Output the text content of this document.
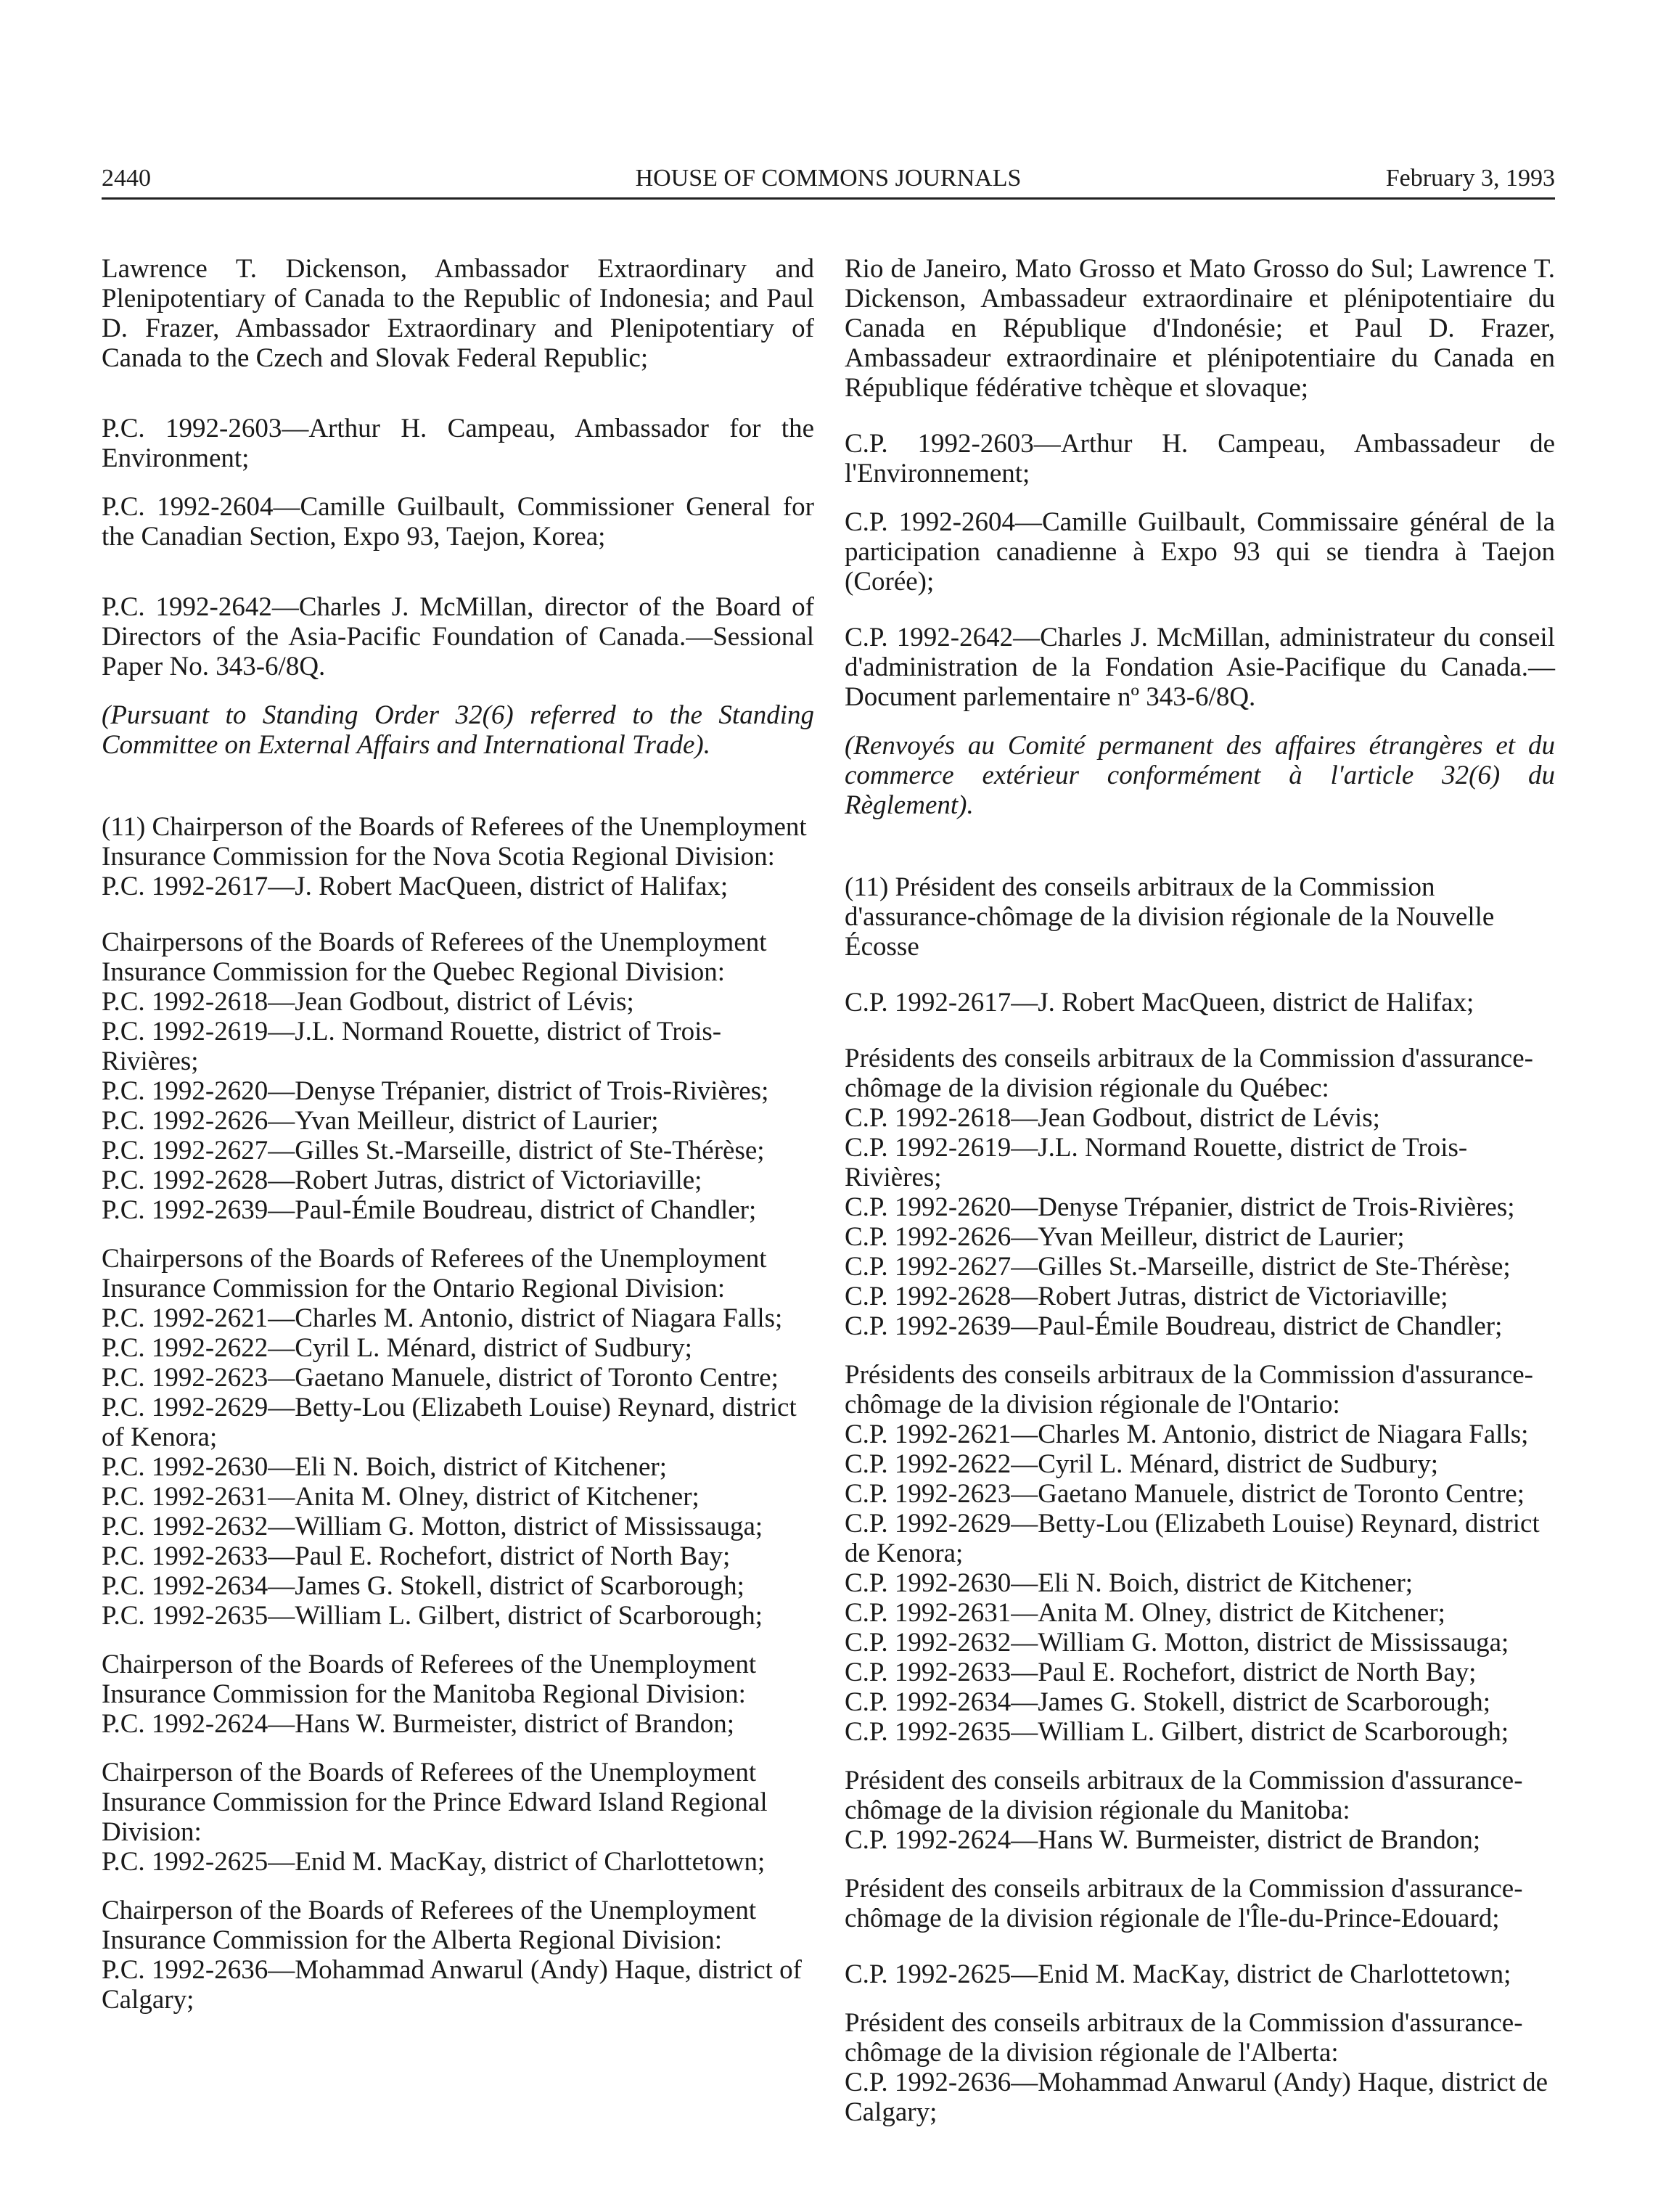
2440	HOUSE OF COMMONS JOURNALS	February 3, 1993

Lawrence T. Dickenson, Ambassador Extraordinary and Plenipotentiary of Canada to the Republic of Indonesia; and Paul D. Frazer, Ambassador Extraordinary and Plenipotentiary of Canada to the Czech and Slovak Federal Republic;

P.C. 1992-2603—Arthur H. Campeau, Ambassador for the Environment;

P.C. 1992-2604—Camille Guilbault, Commissioner General for the Canadian Section, Expo 93, Taejon, Korea;

P.C. 1992-2642—Charles J. McMillan, director of the Board of Directors of the Asia-Pacific Foundation of Canada.—Sessional Paper No. 343-6/8Q.

(Pursuant to Standing Order 32(6) referred to the Standing Committee on External Affairs and International Trade).

(11) Chairperson of the Boards of Referees of the Unemployment Insurance Commission for the Nova Scotia Regional Division:
P.C. 1992-2617—J. Robert MacQueen, district of Halifax;
Chairpersons of the Boards of Referees of the Unemployment Insurance Commission for the Quebec Regional Division:
P.C. 1992-2618—Jean Godbout, district of Lévis;
P.C. 1992-2619—J.L. Normand Rouette, district of Trois-Rivières;
P.C. 1992-2620—Denyse Trépanier, district of Trois-Rivières;
P.C. 1992-2626—Yvan Meilleur, district of Laurier;
P.C. 1992-2627—Gilles St.-Marseille, district of Ste-Thérèse;
P.C. 1992-2628—Robert Jutras, district of Victoriaville;
P.C. 1992-2639—Paul-Émile Boudreau, district of Chandler;
Chairpersons of the Boards of Referees of the Unemployment Insurance Commission for the Ontario Regional Division:
P.C. 1992-2621—Charles M. Antonio, district of Niagara Falls;
P.C. 1992-2622—Cyril L. Ménard, district of Sudbury;
P.C. 1992-2623—Gaetano Manuele, district of Toronto Centre;
P.C. 1992-2629—Betty-Lou (Elizabeth Louise) Reynard, district of Kenora;
P.C. 1992-2630—Eli N. Boich, district of Kitchener;
P.C. 1992-2631—Anita M. Olney, district of Kitchener;
P.C. 1992-2632—William G. Motton, district of Mississauga;
P.C. 1992-2633—Paul E. Rochefort, district of North Bay;
P.C. 1992-2634—James G. Stokell, district of Scarborough;
P.C. 1992-2635—William L. Gilbert, district of Scarborough;
Chairperson of the Boards of Referees of the Unemployment Insurance Commission for the Manitoba Regional Division:
P.C. 1992-2624—Hans W. Burmeister, district of Brandon;
Chairperson of the Boards of Referees of the Unemployment Insurance Commission for the Prince Edward Island Regional Division:
P.C. 1992-2625—Enid M. MacKay, district of Charlottetown;
Chairperson of the Boards of Referees of the Unemployment Insurance Commission for the Alberta Regional Division:
P.C. 1992-2636—Mohammad Anwarul (Andy) Haque, district of Calgary;

Rio de Janeiro, Mato Grosso et Mato Grosso do Sul; Lawrence T. Dickenson, Ambassadeur extraordinaire et plénipotentiaire du Canada en République d'Indonésie; et Paul D. Frazer, Ambassadeur extraordinaire et plénipotentiaire du Canada en République fédérative tchèque et slovaque;

C.P. 1992-2603—Arthur H. Campeau, Ambassadeur de l'Environnement;

C.P. 1992-2604—Camille Guilbault, Commissaire général de la participation canadienne à Expo 93 qui se tiendra à Taejon (Corée);

C.P. 1992-2642—Charles J. McMillan, administrateur du conseil d'administration de la Fondation Asie-Pacifique du Canada.—Document parlementaire nº 343-6/8Q.

(Renvoyés au Comité permanent des affaires étrangères et du commerce extérieur conformément à l'article 32(6) du Règlement).

(11) Président des conseils arbitraux de la Commission d'assurance-chômage de la division régionale de la Nouvelle Écosse
C.P. 1992-2617—J. Robert MacQueen, district de Halifax;
Présidents des conseils arbitraux de la Commission d'assurance-chômage de la division régionale du Québec:
C.P. 1992-2618—Jean Godbout, district de Lévis;
C.P. 1992-2619—J.L. Normand Rouette, district de Trois-Rivières;
C.P. 1992-2620—Denyse Trépanier, district de Trois-Rivières;
C.P. 1992-2626—Yvan Meilleur, district de Laurier;
C.P. 1992-2627—Gilles St.-Marseille, district de Ste-Thérèse;
C.P. 1992-2628—Robert Jutras, district de Victoriaville;
C.P. 1992-2639—Paul-Émile Boudreau, district de Chandler;
Présidents des conseils arbitraux de la Commission d'assurance-chômage de la division régionale de l'Ontario:
C.P. 1992-2621—Charles M. Antonio, district de Niagara Falls;
C.P. 1992-2622—Cyril L. Ménard, district de Sudbury;
C.P. 1992-2623—Gaetano Manuele, district de Toronto Centre;
C.P. 1992-2629—Betty-Lou (Elizabeth Louise) Reynard, district de Kenora;
C.P. 1992-2630—Eli N. Boich, district de Kitchener;
C.P. 1992-2631—Anita M. Olney, district de Kitchener;
C.P. 1992-2632—William G. Motton, district de Mississauga;
C.P. 1992-2633—Paul E. Rochefort, district de North Bay;
C.P. 1992-2634—James G. Stokell, district de Scarborough;
C.P. 1992-2635—William L. Gilbert, district de Scarborough;
Président des conseils arbitraux de la Commission d'assurance-chômage de la division régionale du Manitoba:
C.P. 1992-2624—Hans W. Burmeister, district de Brandon;
Président des conseils arbitraux de la Commission d'assurance-chômage de la division régionale de l'Île-du-Prince-Edouard;
C.P. 1992-2625—Enid M. MacKay, district de Charlottetown;
Président des conseils arbitraux de la Commission d'assurance-chômage de la division régionale de l'Alberta:
C.P. 1992-2636—Mohammad Anwarul (Andy) Haque, district de Calgary;
